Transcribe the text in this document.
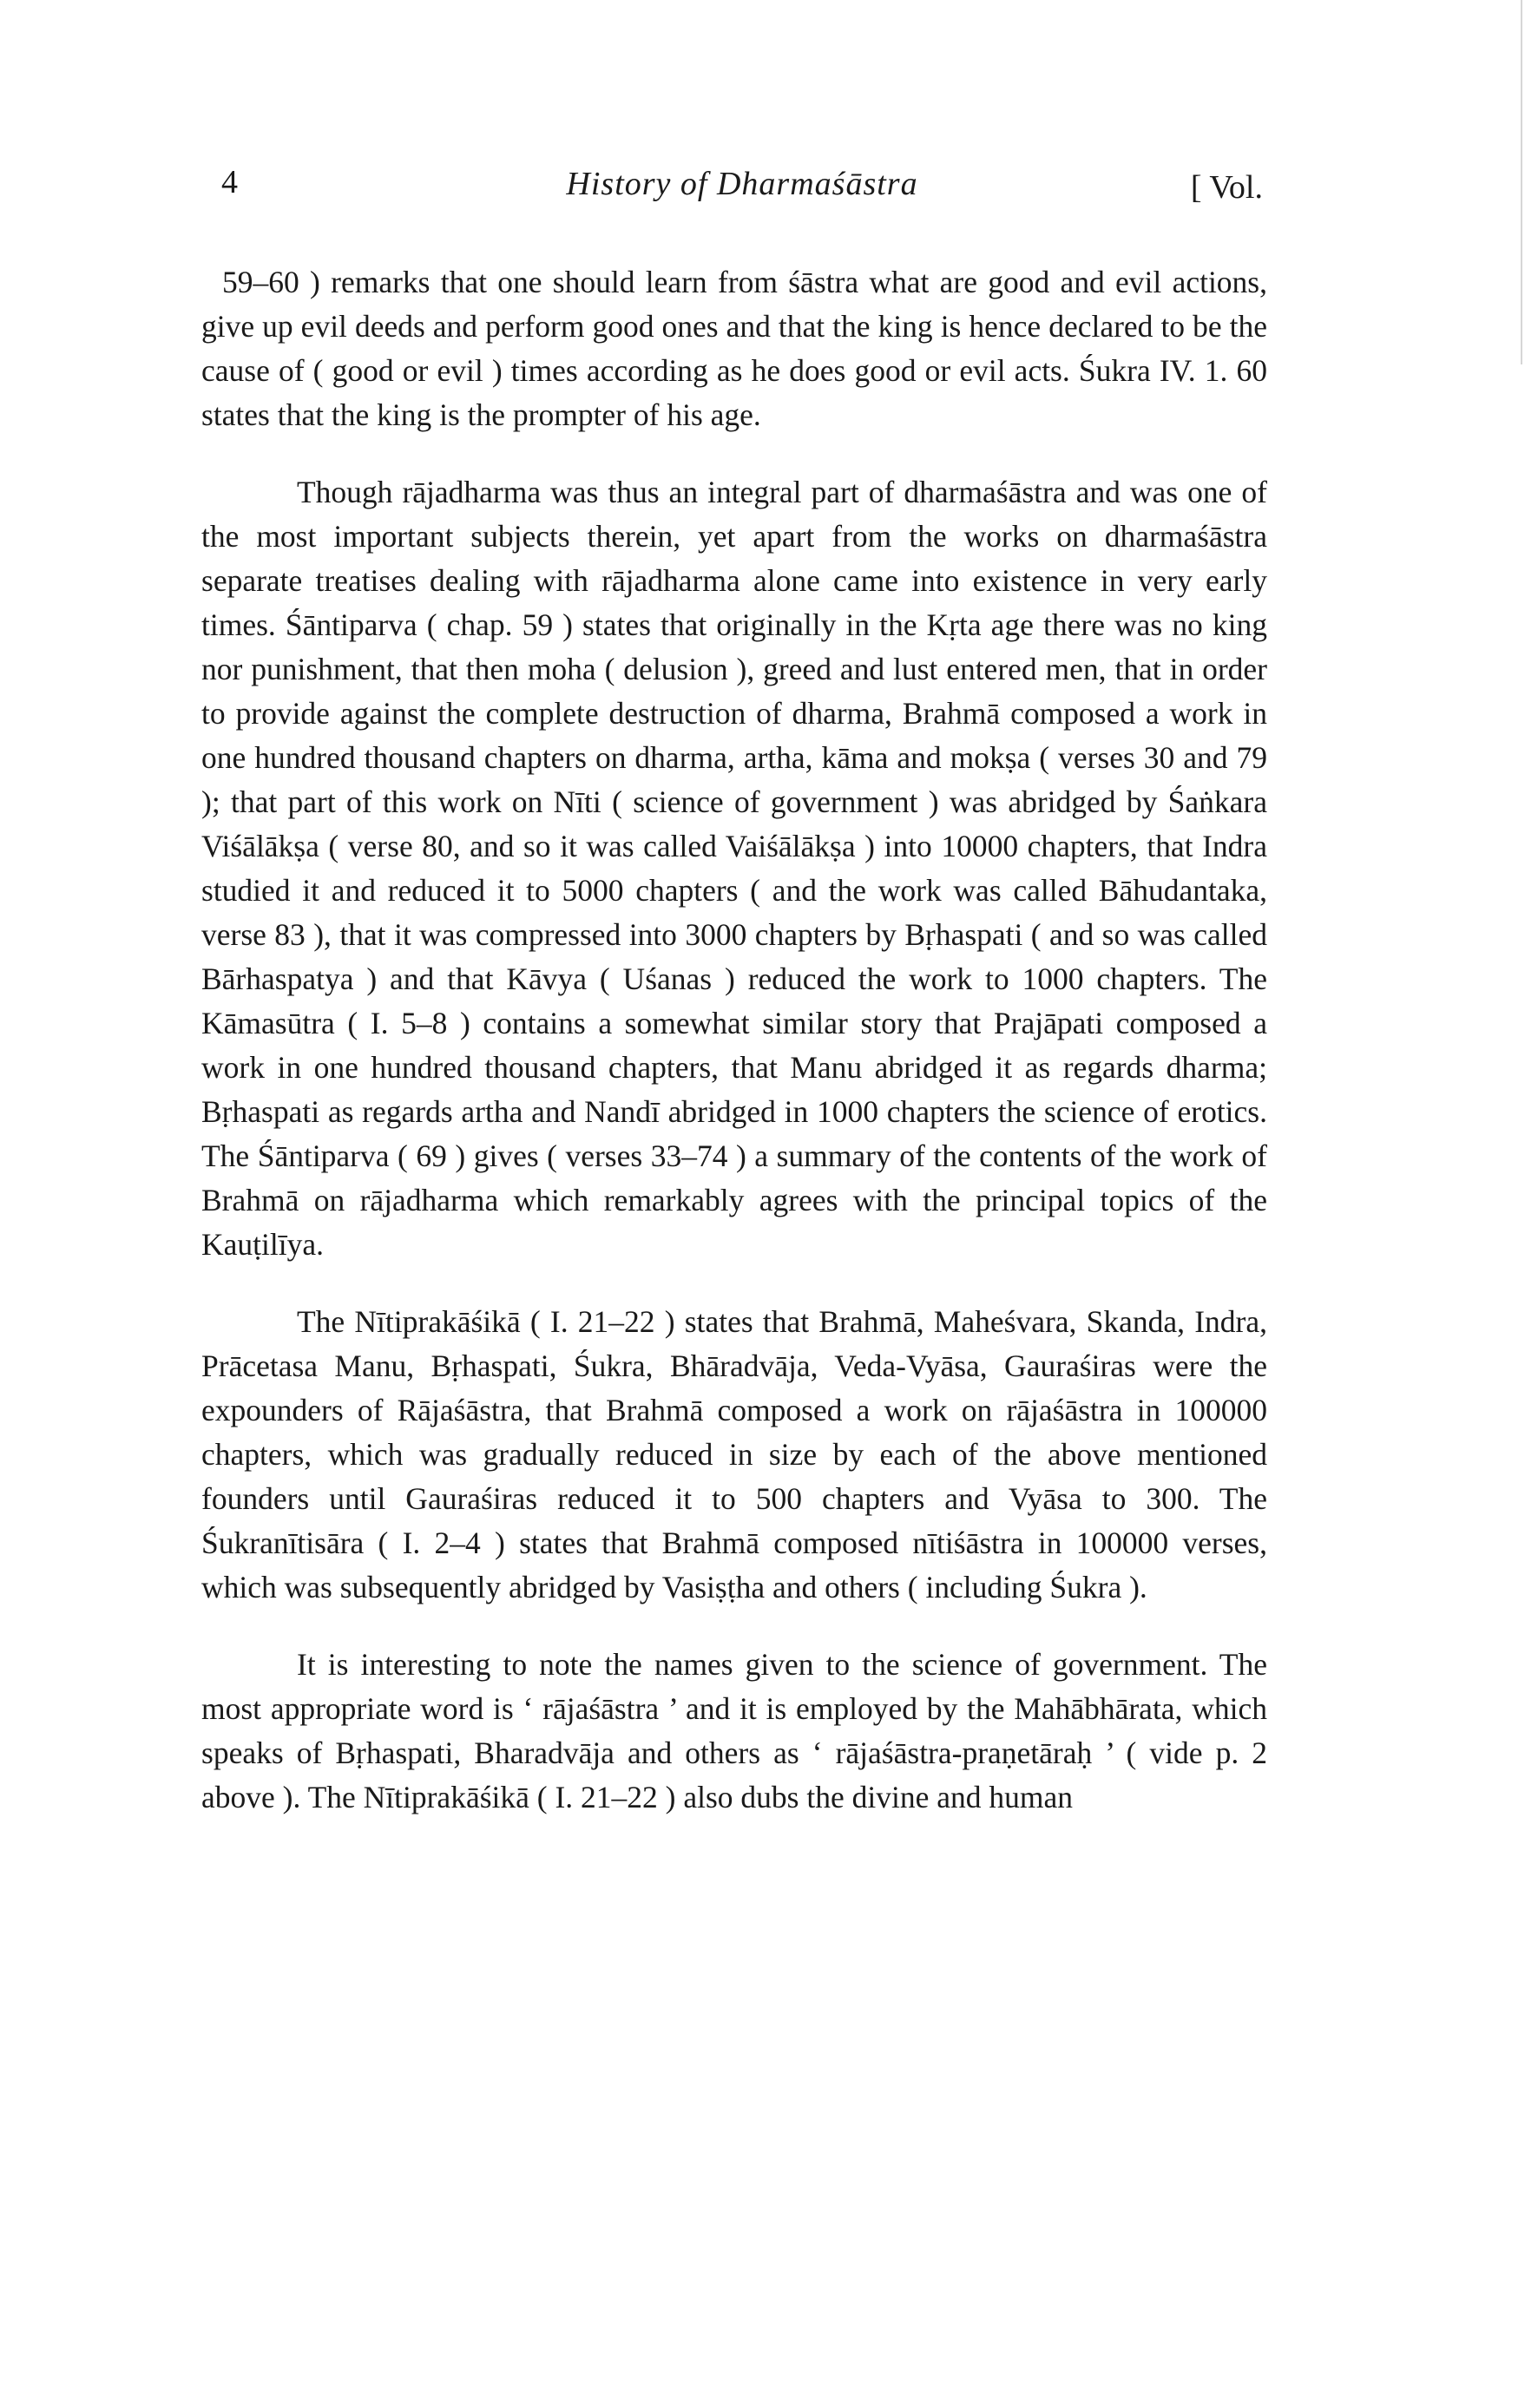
4	History of Dharmaśāstra	[ Vol.

59–60 ) remarks that one should learn from śāstra what are good and evil actions, give up evil deeds and perform good ones and that the king is hence declared to be the cause of ( good or evil ) times according as he does good or evil acts. Śukra IV. 1. 60 states that the king is the prompter of his age.

Though rājadharma was thus an integral part of dharmaśāstra and was one of the most important subjects therein, yet apart from the works on dharmaśāstra separate treatises dealing with rājadharma alone came into existence in very early times. Śāntiparva ( chap. 59 ) states that originally in the Kṛta age there was no king nor punishment, that then moha ( delusion ), greed and lust entered men, that in order to provide against the complete destruction of dharma, Brahmā composed a work in one hundred thousand chapters on dharma, artha, kāma and mokṣa ( verses 30 and 79 ); that part of this work on Nīti ( science of government ) was abridged by Śaṅkara Viśālākṣa ( verse 80, and so it was called Vaiśālākṣa ) into 10000 chapters, that Indra studied it and reduced it to 5000 chapters ( and the work was called Bāhudantaka, verse 83 ), that it was compressed into 3000 chapters by Bṛhaspati ( and so was called Bārhaspatya ) and that Kāvya ( Uśanas ) reduced the work to 1000 chapters. The Kāmasūtra ( I. 5–8 ) contains a somewhat similar story that Prajāpati composed a work in one hundred thousand chapters, that Manu abridged it as regards dharma; Bṛhaspati as regards artha and Nandī abridged in 1000 chapters the science of erotics. The Śāntiparva ( 69 ) gives ( verses 33–74 ) a summary of the contents of the work of Brahmā on rājadharma which remarkably agrees with the principal topics of the Kauṭilīya.

The Nītiprakāśikā ( I. 21–22 ) states that Brahmā, Maheśvara, Skanda, Indra, Prācetasa Manu, Bṛhaspati, Śukra, Bhāradvāja, Veda-Vyāsa, Gauraśiras were the expounders of Rājaśāstra, that Brahmā composed a work on rājaśāstra in 100000 chapters, which was gradually reduced in size by each of the above mentioned founders until Gauraśiras reduced it to 500 chapters and Vyāsa to 300. The Śukranītisāra ( I. 2–4 ) states that Brahmā composed nītiśāstra in 100000 verses, which was subsequently abridged by Vasiṣṭha and others ( including Śukra ).

It is interesting to note the names given to the science of government. The most appropriate word is ‘ rājaśāstra ’ and it is employed by the Mahābhārata, which speaks of Bṛhaspati, Bharadvāja and others as ‘ rājaśāstra-praṇetāraḥ ’ ( vide p. 2 above ). The Nītiprakāśikā ( I. 21–22 ) also dubs the divine and human
